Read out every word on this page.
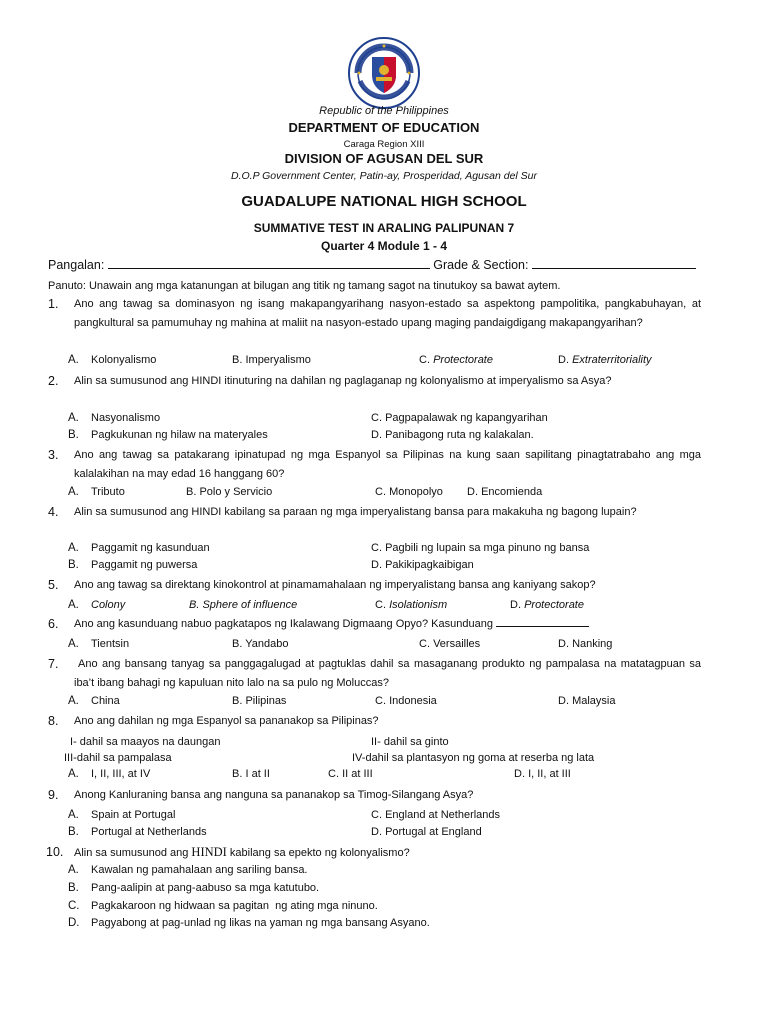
Republic of the Philippines
DEPARTMENT OF EDUCATION
Caraga Region XIII
DIVISION OF AGUSAN DEL SUR
D.O.P Government Center, Patin-ay, Prosperidad, Agusan del Sur
GUADALUPE NATIONAL HIGH SCHOOL
SUMMATIVE TEST IN ARALING PALIPUNAN 7
Quarter 4 Module 1 - 4
Pangalan:	Grade & Section:
Panuto: Unawain ang mga katanungan at bilugan ang titik ng tamang sagot na tinutukoy sa bawat aytem.
1. Ano ang tawag sa dominasyon ng isang makapangyarihang nasyon-estado sa aspektong pampolitika, pangkabuhayan, at pangkultural sa pamumuhay ng mahina at maliit na nasyon-estado upang maging pandaigdigang makapangyarihan?
A. Kolonyalismo	B. Imperyalismo	C. Protectorate	D. Extraterritoriality
2. Alin sa sumusunod ang HINDI itinuturing na dahilan ng paglaganap ng kolonyalismo at imperyalismo sa Asya?
A. Nasyonalismo	C. Pagpapalawak ng kapangyarihan
B. Pagkukunan ng hilaw na materyales	D. Panibagong ruta ng kalakalan.
3. Ano ang tawag sa patakarang ipinatupad ng mga Espanyol sa Pilipinas na kung saan sapilitang pinagtatrabaho ang mga kalalakihan na may edad 16 hanggang 60?
A. Tributo	B. Polo y Servicio	C. Monopolyo D. Encomienda
4. Alin sa sumusunod ang HINDI kabilang sa paraan ng mga imperyalistang bansa para makakuha ng bagong lupain?
A. Paggamit ng kasunduan	C. Pagbili ng lupain sa mga pinuno ng bansa
B. Paggamit ng puwersa	D. Pakikipagkaibigan
5. Ano ang tawag sa direktang kinokontrol at pinamamahalaan ng imperyalistang bansa ang kaniyang sakop?
A. Colony	B. Sphere of influence	C. Isolationism	D. Protectorate
6. Ano ang kasunduang nabuo pagkatapos ng Ikalawang Digmaang Opyo? Kasunduang
A. Tientsin	B. Yandabo	C. Versailles	D. Nanking
7.	Ano ang bansang tanyag sa panggagalugad at pagtuklas dahil sa masaganang produkto ng pampalasa na matatagpuan sa iba’t ibang bahagi ng kapuluan nito lalo na sa pulo ng Moluccas?
A. China	B. Pilipinas	C. Indonesia	D. Malaysia
8. Ano ang dahilan ng mga Espanyol sa pananakop sa Pilipinas?
I- dahil sa maayos na daungan	II- dahil sa ginto
III-dahil sa pampalasa	IV-dahil sa plantasyon ng goma at reserba ng lata
A. I, II, III, at IV	B. I at II	C. II at III	D. I, II, at III
9. Anong Kanluraning bansa ang nanguna sa pananakop sa Timog-Silangang Asya?
A. Spain at Portugal	C. England at Netherlands
B. Portugal at Netherlands	D. Portugal at England
10. Alin sa sumusunod ang HINDI kabilang sa epekto ng kolonyalismo?
A. Kawalan ng pamahalaan ang sariling bansa.
B. Pang-aalipin at pang-aabuso sa mga katutubo.
C. Pagkakaroon ng hidwaan sa pagitan  ng ating mga ninuno.
D. Pagyabong at pag-unlad ng likas na yaman ng mga bansang Asyano.
